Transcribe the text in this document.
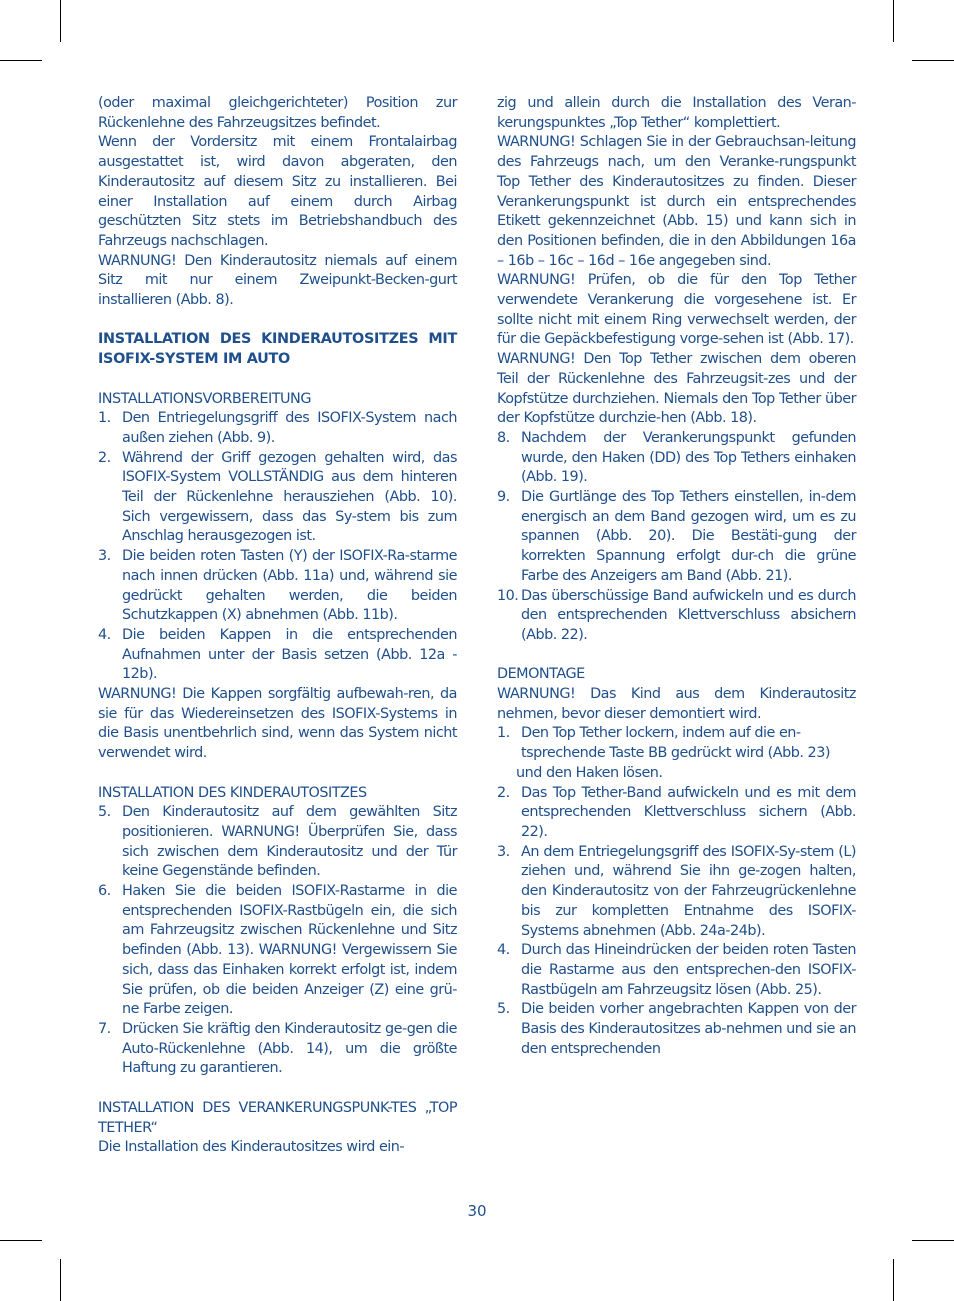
(oder maximal gleichgerichteter) Position zur Rückenlehne des Fahrzeugsitzes befindet.

Wenn der Vordersitz mit einem Frontalairbag ausgestattet ist, wird davon abgeraten, den Kinderautositz auf diesem Sitz zu installieren. Bei einer Installation auf einem durch Airbag geschützten Sitz stets im Betriebshandbuch des Fahrzeugs nachschlagen.

WARNUNG! Den Kinderautositz niemals auf einem Sitz mit nur einem Zweipunkt-Becken-gurt installieren (Abb. 8).

INSTALLATION DES KINDERAUTOSITZES MIT ISOFIX-SYSTEM IM AUTO

INSTALLATIONSVORBEREITUNG

1. Den Entriegelungsgriff des ISOFIX-System nach außen ziehen (Abb. 9).
2. Während der Griff gezogen gehalten wird, das ISOFIX-System VOLLSTÄNDIG aus dem hinteren Teil der Rückenlehne herausziehen (Abb. 10). Sich vergewissern, dass das Sy-stem bis zum Anschlag herausgezogen ist.
3. Die beiden roten Tasten (Y) der ISOFIX-Ra-starme nach innen drücken (Abb. 11a) und, während sie gedrückt gehalten werden, die beiden Schutzkappen (X) abnehmen (Abb. 11b).
4. Die beiden Kappen in die entsprechenden Aufnahmen unter der Basis setzen (Abb. 12a - 12b).

WARNUNG! Die Kappen sorgfältig aufbewah-ren, da sie für das Wiedereinsetzen des ISOFIX-Systems in die Basis unentbehrlich sind, wenn das System nicht verwendet wird.

INSTALLATION DES KINDERAUTOSITZES

5. Den Kinderautositz auf dem gewählten Sitz positionieren. WARNUNG! Überprüfen Sie, dass sich zwischen dem Kinderautositz und der Tür keine Gegenstände befinden.
6. Haken Sie die beiden ISOFIX-Rastarme in die entsprechenden ISOFIX-Rastbügeln ein, die sich am Fahrzeugsitz zwischen Rückenlehne und Sitz befinden (Abb. 13). WARNUNG! Vergewissern Sie sich, dass das Einhaken korrekt erfolgt ist, indem Sie prüfen, ob die beiden Anzeiger (Z) eine grü-ne Farbe zeigen.
7. Drücken Sie kräftig den Kinderautositz ge-gen die Auto-Rückenlehne (Abb. 14), um die größte Haftung zu garantieren.

INSTALLATION DES VERANKERUNGSPUNK-TES „TOP TETHER“

Die Installation des Kinderautositzes wird ein-

zig und allein durch die Installation des Veran-kerungspunktes „Top Tether“ komplettiert.

WARNUNG! Schlagen Sie in der Gebrauchsan-leitung des Fahrzeugs nach, um den Veranke-rungspunkt Top Tether des Kinderautositzes zu finden. Dieser Verankerungspunkt ist durch ein entsprechendes Etikett gekennzeichnet (Abb. 15) und kann sich in den Positionen befinden, die in den Abbildungen 16a – 16b – 16c – 16d – 16e angegeben sind.

WARNUNG! Prüfen, ob die für den Top Tether verwendete Verankerung die vorgesehene ist. Er sollte nicht mit einem Ring verwechselt werden, der für die Gepäckbefestigung vorge-sehen ist (Abb. 17).

WARNUNG! Den Top Tether zwischen dem oberen Teil der Rückenlehne des Fahrzeugsit-zes und der Kopfstütze durchziehen. Niemals den Top Tether über der Kopfstütze durchzie-hen (Abb. 18).

8. Nachdem der Verankerungspunkt gefunden wurde, den Haken (DD) des Top Tethers einhaken (Abb. 19).
9. Die Gurtlänge des Top Tethers einstellen, in-dem energisch an dem Band gezogen wird, um es zu spannen (Abb. 20). Die Bestäti-gung der korrekten Spannung erfolgt dur-ch die grüne Farbe des Anzeigers am Band (Abb. 21).
10. Das überschüssige Band aufwickeln und es durch den entsprechenden Klettverschluss absichern (Abb. 22).

DEMONTAGE

WARNUNG! Das Kind aus dem Kinderautositz nehmen, bevor dieser demontiert wird.

1. Den Top Tether lockern, indem auf die en-tsprechende Taste BB gedrückt wird (Abb. 23)

und den Haken lösen.

2. Das Top Tether-Band aufwickeln und es mit dem entsprechenden Klettverschluss sichern (Abb. 22).
3. An dem Entriegelungsgriff des ISOFIX-Sy-stem (L) ziehen und, während Sie ihn ge-zogen halten, den Kinderautositz von der Fahrzeugrückenlehne bis zur kompletten Entnahme des ISOFIX-Systems abnehmen (Abb. 24a-24b).
4. Durch das Hineindrücken der beiden roten Tasten die Rastarme aus den entsprechen-den ISOFIX-Rastbügeln am Fahrzeugsitz lösen (Abb. 25).
5. Die beiden vorher angebrachten Kappen von der Basis des Kinderautositzes ab-nehmen und sie an den entsprechenden
30
